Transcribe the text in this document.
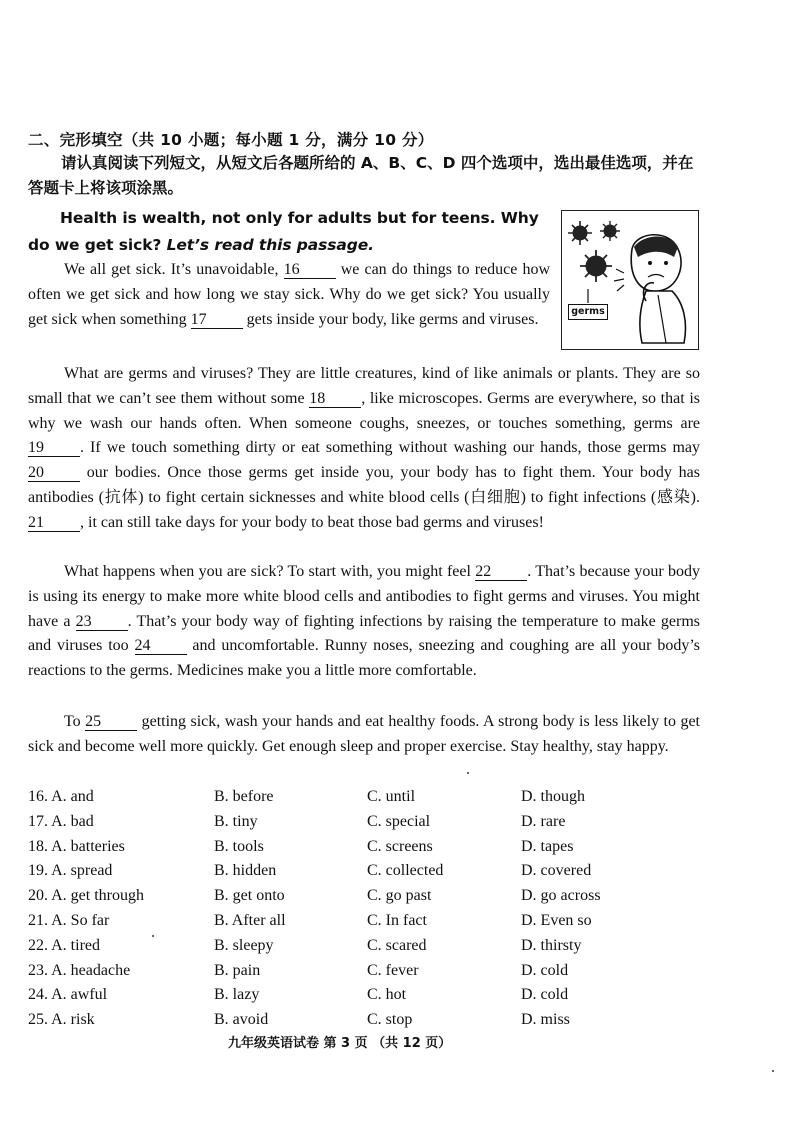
二、完形填空（共 10 小题；每小题 1 分，满分 10 分）
请认真阅读下列短文，从短文后各题所给的 A、B、C、D 四个选项中，选出最佳选项，并在答题卡上将该项涂黑。
Health is wealth, not only for adults but for teens. Why do we get sick? Let’s read this passage.
germs
We all get sick. It’s unavoidable, 16 we can do things to reduce how often we get sick and how long we stay sick. Why do we get sick? You usually get sick when something 17 gets inside your body, like germs and viruses.
What are germs and viruses? They are little creatures, kind of like animals or plants. They are so small that we can’t see them without some 18 , like microscopes. Germs are everywhere, so that is why we wash our hands often. When someone coughs, sneezes, or touches something, germs are 19 . If we touch something dirty or eat something without washing our hands, those germs may 20 our bodies. Once those germs get inside you, your body has to fight them. Your body has antibodies (抗体) to fight certain sicknesses and white blood cells (白细胞) to fight infections (感染). 21 , it can still take days for your body to beat those bad germs and viruses!
What happens when you are sick? To start with, you might feel 22 . That’s because your body is using its energy to make more white blood cells and antibodies to fight germs and viruses. You might have a 23 . That’s your body way of fighting infections by raising the temperature to make germs and viruses too 24 and uncomfortable. Runny noses, sneezing and coughing are all your body’s reactions to the germs. Medicines make you a little more comfortable.
To 25 getting sick, wash your hands and eat healthy foods. A strong body is less likely to get sick and become well more quickly. Get enough sleep and proper exercise. Stay healthy, stay happy.
16. A. and	B. before	C. until	D. though
17. A. bad	B. tiny	C. special	D. rare
18. A. batteries	B. tools	C. screens	D. tapes
19. A. spread	B. hidden	C. collected	D. covered
20. A. get through	B. get onto	C. go past	D. go across
21. A. So far	B. After all	C. In fact	D. Even so
22. A. tired	B. sleepy	C. scared	D. thirsty
23. A. headache	B. pain	C. fever	D. cold
24. A. awful	B. lazy	C. hot	D. cold
25. A. risk	B. avoid	C. stop	D. miss
九年级英语试卷 第 3 页 （共 12 页）
